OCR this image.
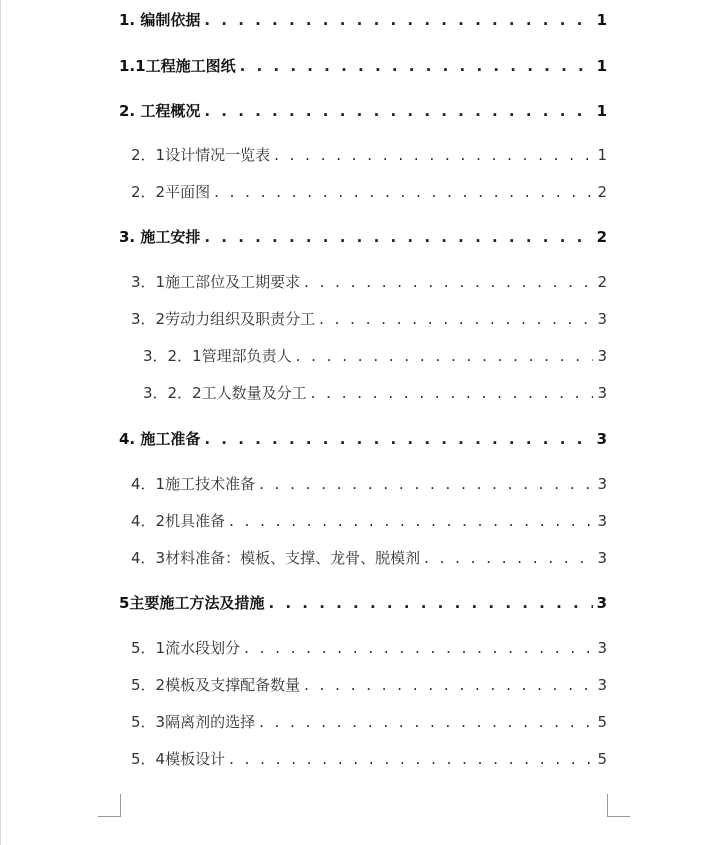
1. 编制依据 . . .	1
1.1工程施工图纸 . . .	1
2. 工程概况 . . .	1
2．1设计情况一览表 . . .	1
2．2平面图 . . .	2
3. 施工安排 . . .	2
3．1施工部位及工期要求 . . .	2
3．2劳动力组织及职责分工 . . .	3
3．2．1管理部负责人 . . .	3
3．2．2工人数量及分工 . . .	3
4. 施工准备 . . .	3
4．1施工技术准备 . . .	3
4．2机具准备 . . .	3
4．3材料准备：模板、支撑、龙骨、脱模剂 . . .	3
5主要施工方法及措施 . . .	3
5．1流水段划分 . . .	3
5．2模板及支撑配备数量 . . .	3
5．3隔离剂的选择 . . .	5
5．4模板设计 . . .	5
